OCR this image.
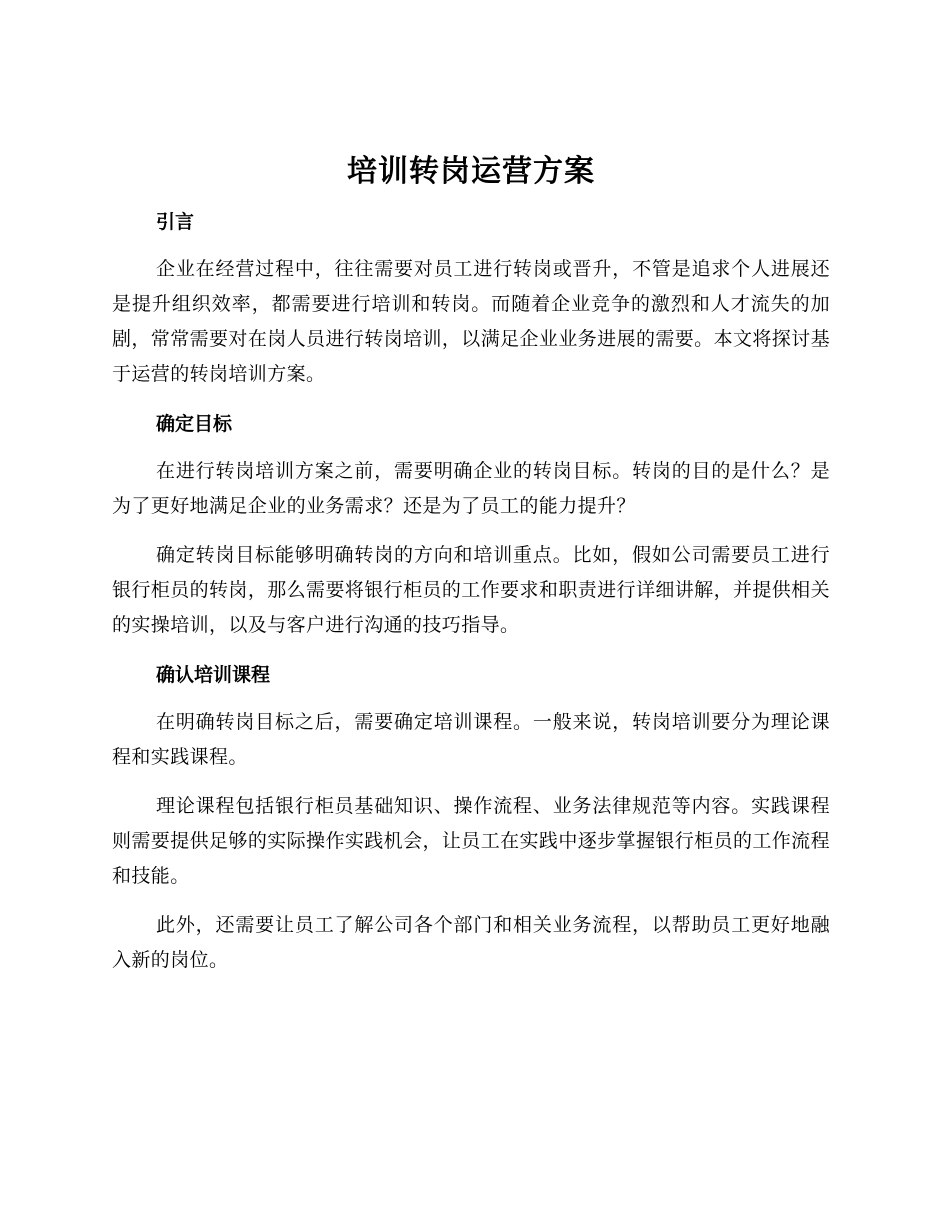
培训转岗运营方案
引言

企业在经营过程中，往往需要对员工进行转岗或晋升，不管是追求个人进展还是提升组织效率，都需要进行培训和转岗。而随着企业竞争的激烈和人才流失的加剧，常常需要对在岗人员进行转岗培训，以满足企业业务进展的需要。本文将探讨基于运营的转岗培训方案。

确定目标

在进行转岗培训方案之前，需要明确企业的转岗目标。转岗的目的是什么？是为了更好地满足企业的业务需求？还是为了员工的能力提升？

确定转岗目标能够明确转岗的方向和培训重点。比如，假如公司需要员工进行银行柜员的转岗，那么需要将银行柜员的工作要求和职责进行详细讲解，并提供相关的实操培训，以及与客户进行沟通的技巧指导。

确认培训课程

在明确转岗目标之后，需要确定培训课程。一般来说，转岗培训要分为理论课程和实践课程。

理论课程包括银行柜员基础知识、操作流程、业务法律规范等内容。实践课程则需要提供足够的实际操作实践机会，让员工在实践中逐步掌握银行柜员的工作流程和技能。

此外，还需要让员工了解公司各个部门和相关业务流程，以帮助员工更好地融入新的岗位。
